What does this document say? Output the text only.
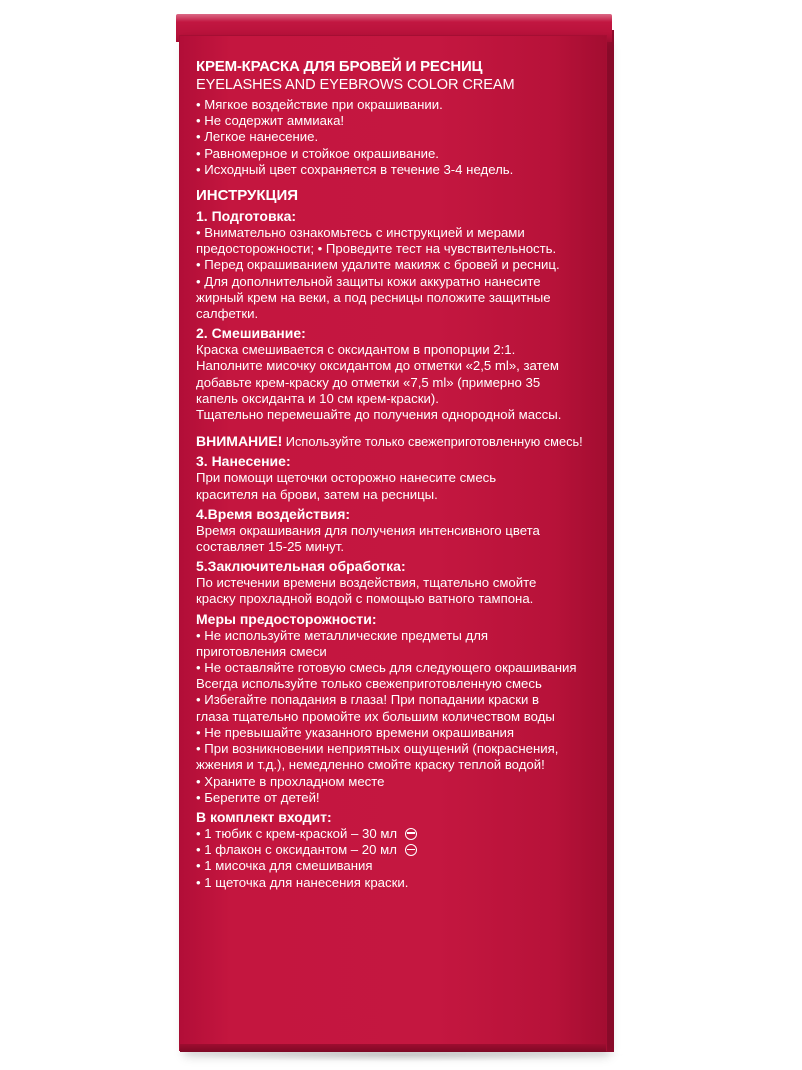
КРЕМ-КРАСКА ДЛЯ БРОВЕЙ И РЕСНИЦ
EYELASHES AND EYEBROWS COLOR CREAM
• Мягкое воздействие при окрашивании.
• Не содержит аммиака!
• Легкое нанесение.
• Равномерное и стойкое окрашивание.
• Исходный цвет сохраняется в течение 3-4 недель.
ИНСТРУКЦИЯ
1. Подготовка:
• Внимательно ознакомьтесь с инструкцией и мерами
предосторожности; • Проведите тест на чувствительность.
• Перед окрашиванием удалите макияж с бровей и ресниц.
• Для дополнительной защиты кожи аккуратно нанесите
жирный крем на веки, а под ресницы положите защитные
салфетки.
2. Смешивание:
Краска смешивается с оксидантом в пропорции 2:1.
Наполните мисочку оксидантом до отметки «2,5 ml», затем
добавьте крем-краску до отметки «7,5 ml» (примерно 35
капель оксиданта и 10 см крем-краски).
Тщательно перемешайте до получения однородной массы.
ВНИМАНИЕ! Используйте только свежеприготовленную смесь!
3. Нанесение:
При помощи щеточки осторожно нанесите смесь
красителя на брови, затем на ресницы.
4.Время воздействия:
Время окрашивания для получения интенсивного цвета
составляет 15-25 минут.
5.Заключительная обработка:
По истечении времени воздействия, тщательно смойте
краску прохладной водой с помощью ватного тампона.
Меры предосторожности:
• Не используйте металлические предметы для
приготовления смеси
• Не оставляйте готовую смесь для следующего окрашивания
Всегда используйте только свежеприготовленную смесь
• Избегайте попадания в глаза! При попадании краски в
глаза тщательно промойте их большим количеством воды
• Не превышайте указанного времени окрашивания
• При возникновении неприятных ощущений (покраснения,
жжения и т.д.), немедленно смойте краску теплой водой!
• Храните в прохладном месте
• Берегите от детей!
В комплект входит:
• 1 тюбик с крем-краской – 30 мл
• 1 флакон с оксидантом – 20 мл
• 1 мисочка для смешивания
• 1 щеточка для нанесения краски.
